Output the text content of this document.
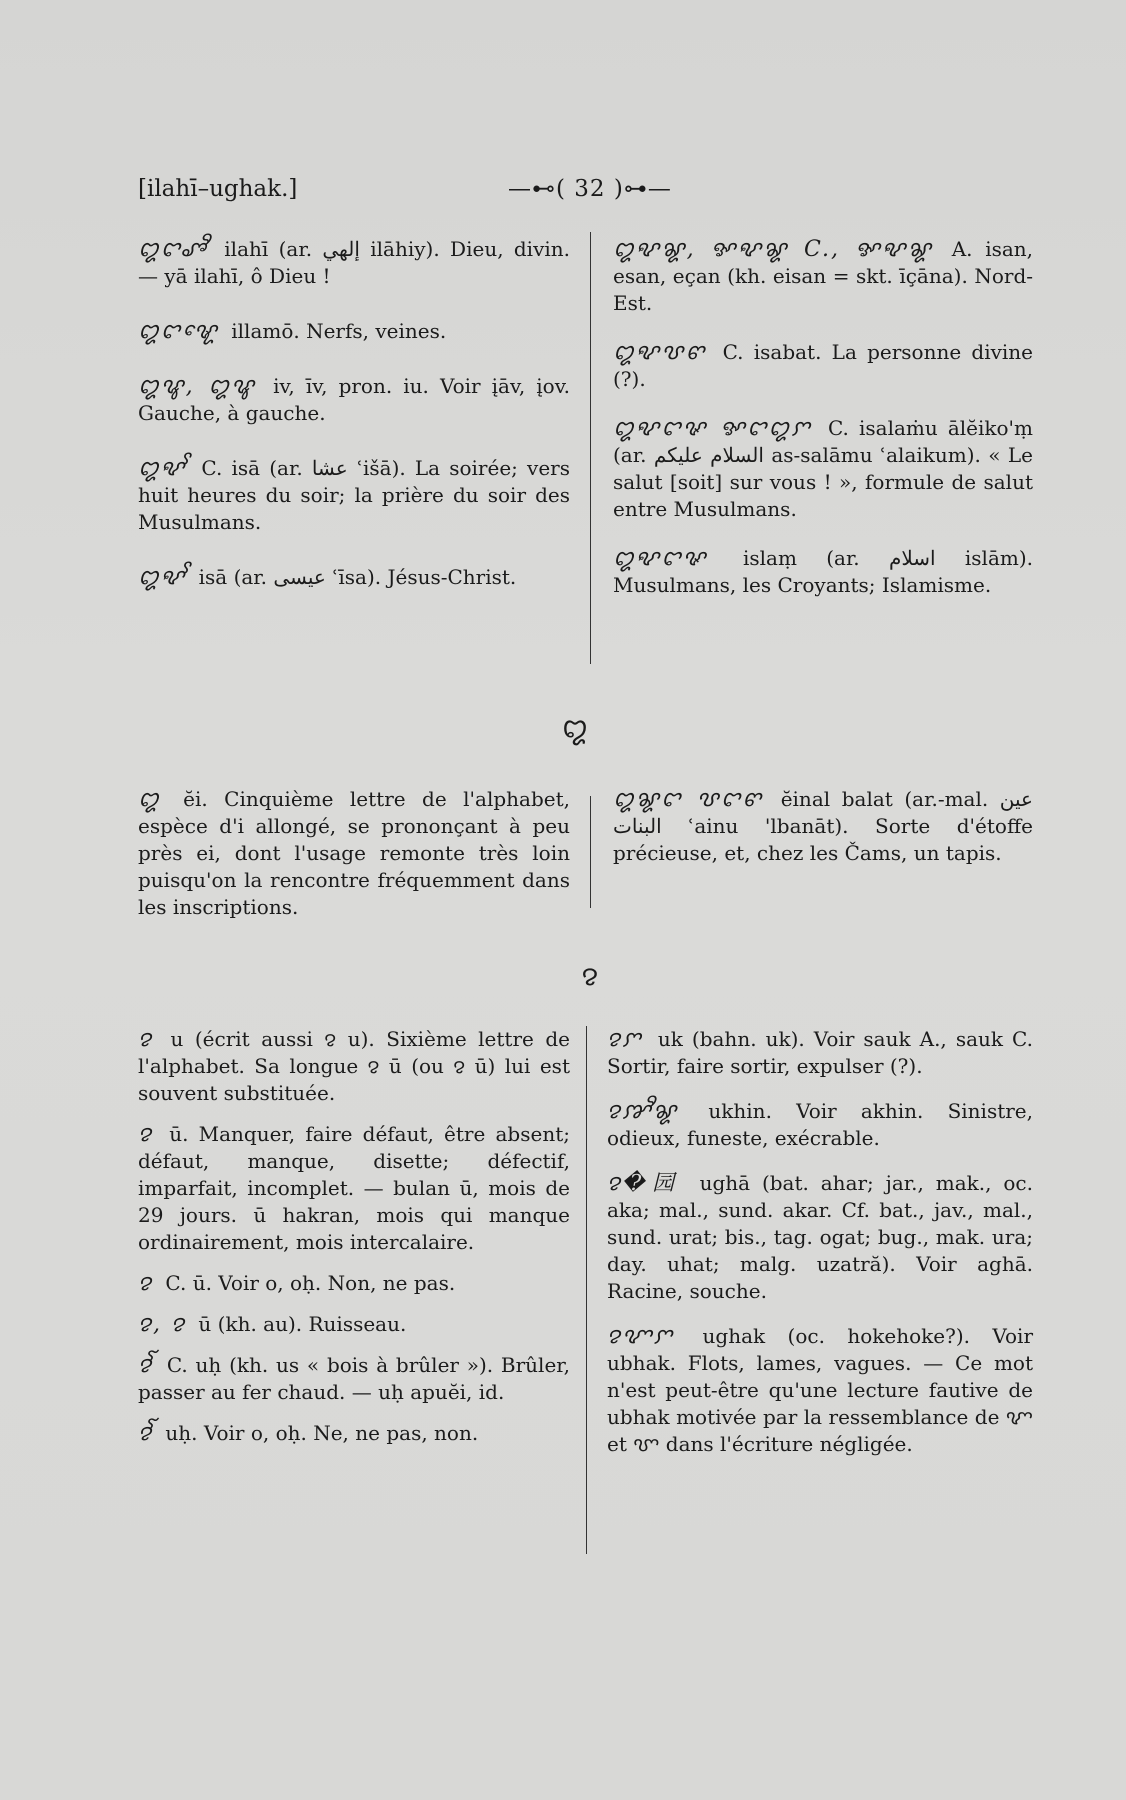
[ilahī–ughak.]	—⊷( 32 )⊶—

ꨁꨤꨨꨪ ilahī (ar. إلهي ilāhiy). Dieu, divin. — yā ilahī, ô Dieu !

ꨁꨤꨠꨯ illamō. Nerfs, veines.

ꨁꨥ, ꨁꨥ iv, īv, pron. iu. Voir įāv, įov. Gauche, à gauche.

ꨁꨦꨩ C. isā (ar. عشا ʿišā). La soirée; vers huit heures du soir; la prière du soir des Musulmans.

ꨁꨦꨩ isā (ar. عيسى ʿīsa). Jésus-Christ.

ꨁꨦꨘ, ꨀꨦꨘ C., ꨀꨦꨘ A. isan, esan, eçan (kh. eisan = skt. īçāna). Nord-Est.

ꨁꨦꨝꨓ C. isabat. La personne divine (?).

ꨁꨦꨤꨟ ꨀꨤꨁꨆ C. isalaṁu ālĕiko'ṃ (ar. السلام عليكم as-salāmu ʿalaikum). « Le salut [soit] sur vous ! », formule de salut entre Musulmans.

ꨁꨦꨤꨟ islaṃ (ar. اسلام islām). Musulmans, les Croyants; Islamisme.

ꨁ

ꨁ ĕi. Cinquième lettre de l'alphabet, espèce d'i allongé, se prononçant à peu près ei, dont l'usage remonte très loin puisqu'on la rencontre fréquemment dans les inscriptions.

ꨁꨘꨤ ꨝꨤꨓ ĕinal balat (ar.-mal. عين البنات ʿainu 'lbanāt). Sorte d'étoffe précieuse, et, chez les Čams, un tapis.

ꨂ

ꨂ u (écrit aussi ꨂ u). Sixième lettre de l'alphabet. Sa longue ꨂ ū (ou ꨂ ū) lui est souvent substituée.

ꨂ ū. Manquer, faire défaut, être absent; défaut, manque, disette; défectif, imparfait, incomplet. — bulan ū, mois de 29 jours. ū hakran, mois qui manque ordinairement, mois intercalaire.

ꨂ C. ū. Voir o, oḥ. Non, ne pas.

ꨂ, ꨂ ū (kh. au). Ruisseau.

ꨂꨱ C. uḥ (kh. us « bois à brûler »). Brûler, passer au fer chaud. — uḥ apuĕi, id.

ꨂꨱ uḥ. Voir o, oḥ. Ne, ne pas, non.

ꨂꨆ uk (bahn. uk). Voir sauk A., sauk C. Sortir, faire sortir, expulser (?).

ꨂꨇꨪꨘ ukhin. Voir akhin. Sinistre, odieux, funeste, exécrable.

ꨂ�园 ughā (bat. ahar; jar., mak., oc. aka; mal., sund. akar. Cf. bat., jav., mal., sund. urat; bis., tag. ogat; bug., mak. ura; day. uhat; malg. uzatră). Voir aghā. Racine, souche.

ꨂꨉꨆ ughak (oc. hokehoke?). Voir ubhak. Flots, lames, vagues. — Ce mot n'est peut-être qu'une lecture fautive de ubhak motivée par la ressemblance de ꨉ et ꨞ dans l'écriture négligée.
